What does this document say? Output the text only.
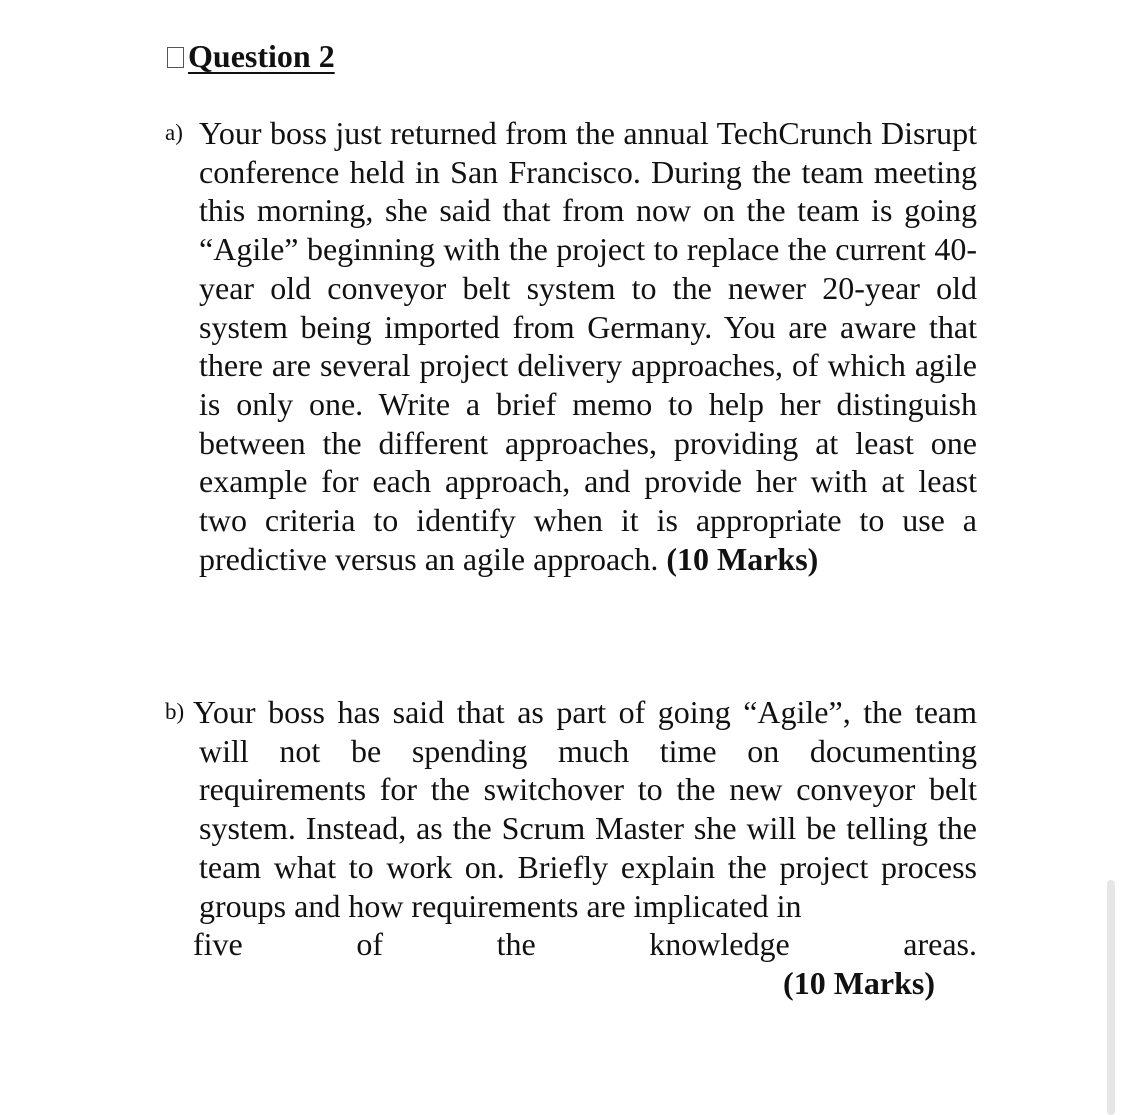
Question 2
a) Your boss just returned from the annual TechCrunch Disrupt conference held in San Francisco. During the team meeting this morning, she said that from now on the team is going “Agile” beginning with the project to replace the current 40-year old conveyor belt system to the newer 20-year old system being imported from Germany. You are aware that there are several project delivery approaches, of which agile is only one. Write a brief memo to help her distinguish between the different approaches, providing at least one example for each approach, and provide her with at least two criteria to identify when it is appropriate to use a predictive versus an agile approach. (10 Marks)
b) Your boss has said that as part of going “Agile”, the team will not be spending much time on documenting requirements for the switchover to the new conveyor belt system. Instead, as the Scrum Master she will be telling the team what to work on. Briefly explain the project process groups and how requirements are implicated in
five of the knowledge areas.
(10 Marks)
